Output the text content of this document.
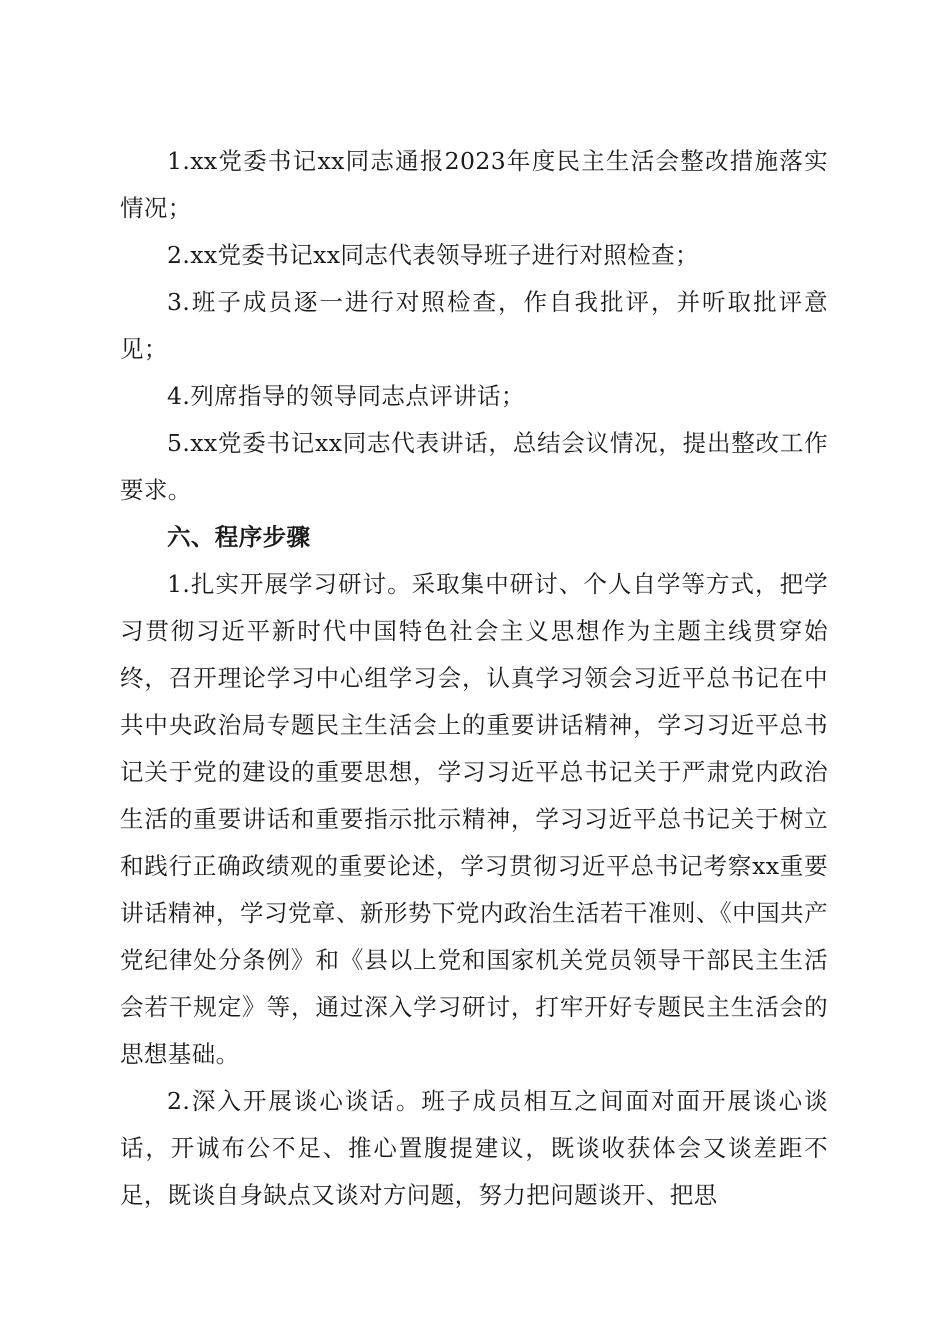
1.xx党委书记xx同志通报2023年度民主生活会整改措施落实情况；

2.xx党委书记xx同志代表领导班子进行对照检查；

3.班子成员逐一进行对照检查，作自我批评，并听取批评意见；

4.列席指导的领导同志点评讲话；

5.xx党委书记xx同志代表讲话，总结会议情况，提出整改工作要求。

六、程序步骤

1.扎实开展学习研讨。采取集中研讨、个人自学等方式，把学习贯彻习近平新时代中国特色社会主义思想作为主题主线贯穿始终，召开理论学习中心组学习会，认真学习领会习近平总书记在中共中央政治局专题民主生活会上的重要讲话精神，学习习近平总书记关于党的建设的重要思想，学习习近平总书记关于严肃党内政治生活的重要讲话和重要指示批示精神，学习习近平总书记关于树立和践行正确政绩观的重要论述，学习贯彻习近平总书记考察xx重要讲话精神，学习党章、新形势下党内政治生活若干准则、《中国共产党纪律处分条例》和《县以上党和国家机关党员领导干部民主生活会若干规定》等，通过深入学习研讨，打牢开好专题民主生活会的思想基础。

2.深入开展谈心谈话。班子成员相互之间面对面开展谈心谈话，开诚布公不足、推心置腹提建议，既谈收获体会又谈差距不足，既谈自身缺点又谈对方问题，努力把问题谈开、把思
